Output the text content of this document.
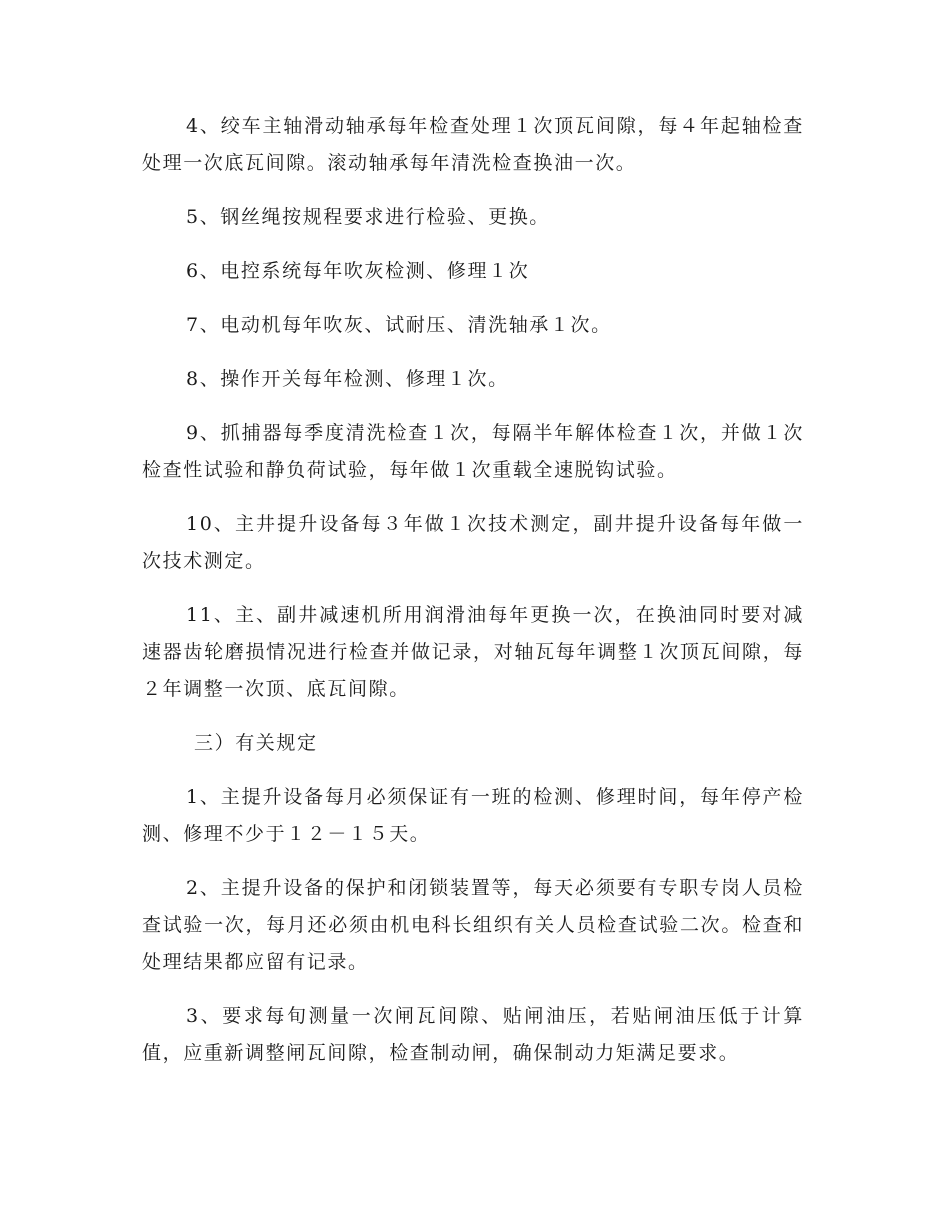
4、绞车主轴滑动轴承每年检查处理１次顶瓦间隙，每４年起轴检查处理一次底瓦间隙。滚动轴承每年清洗检查换油一次。

5、钢丝绳按规程要求进行检验、更换。

6、电控系统每年吹灰检测、修理１次

7、电动机每年吹灰、试耐压、清洗轴承１次。

8、操作开关每年检测、修理１次。

9、抓捕器每季度清洗检查１次，每隔半年解体检查１次，并做１次检查性试验和静负荷试验，每年做１次重载全速脱钩试验。

10、主井提升设备每３年做１次技术测定，副井提升设备每年做一次技术测定。

11、主、副井减速机所用润滑油每年更换一次，在换油同时要对减速器齿轮磨损情况进行检查并做记录，对轴瓦每年调整１次顶瓦间隙，每２年调整一次顶、底瓦间隙。

三）有关规定

1、主提升设备每月必须保证有一班的检测、修理时间，每年停产检测、修理不少于１２－１５天。

2、主提升设备的保护和闭锁装置等，每天必须要有专职专岗人员检查试验一次，每月还必须由机电科长组织有关人员检查试验二次。检查和处理结果都应留有记录。

3、要求每旬测量一次闸瓦间隙、贴闸油压，若贴闸油压低于计算值，应重新调整闸瓦间隙，检查制动闸，确保制动力矩满足要求。
